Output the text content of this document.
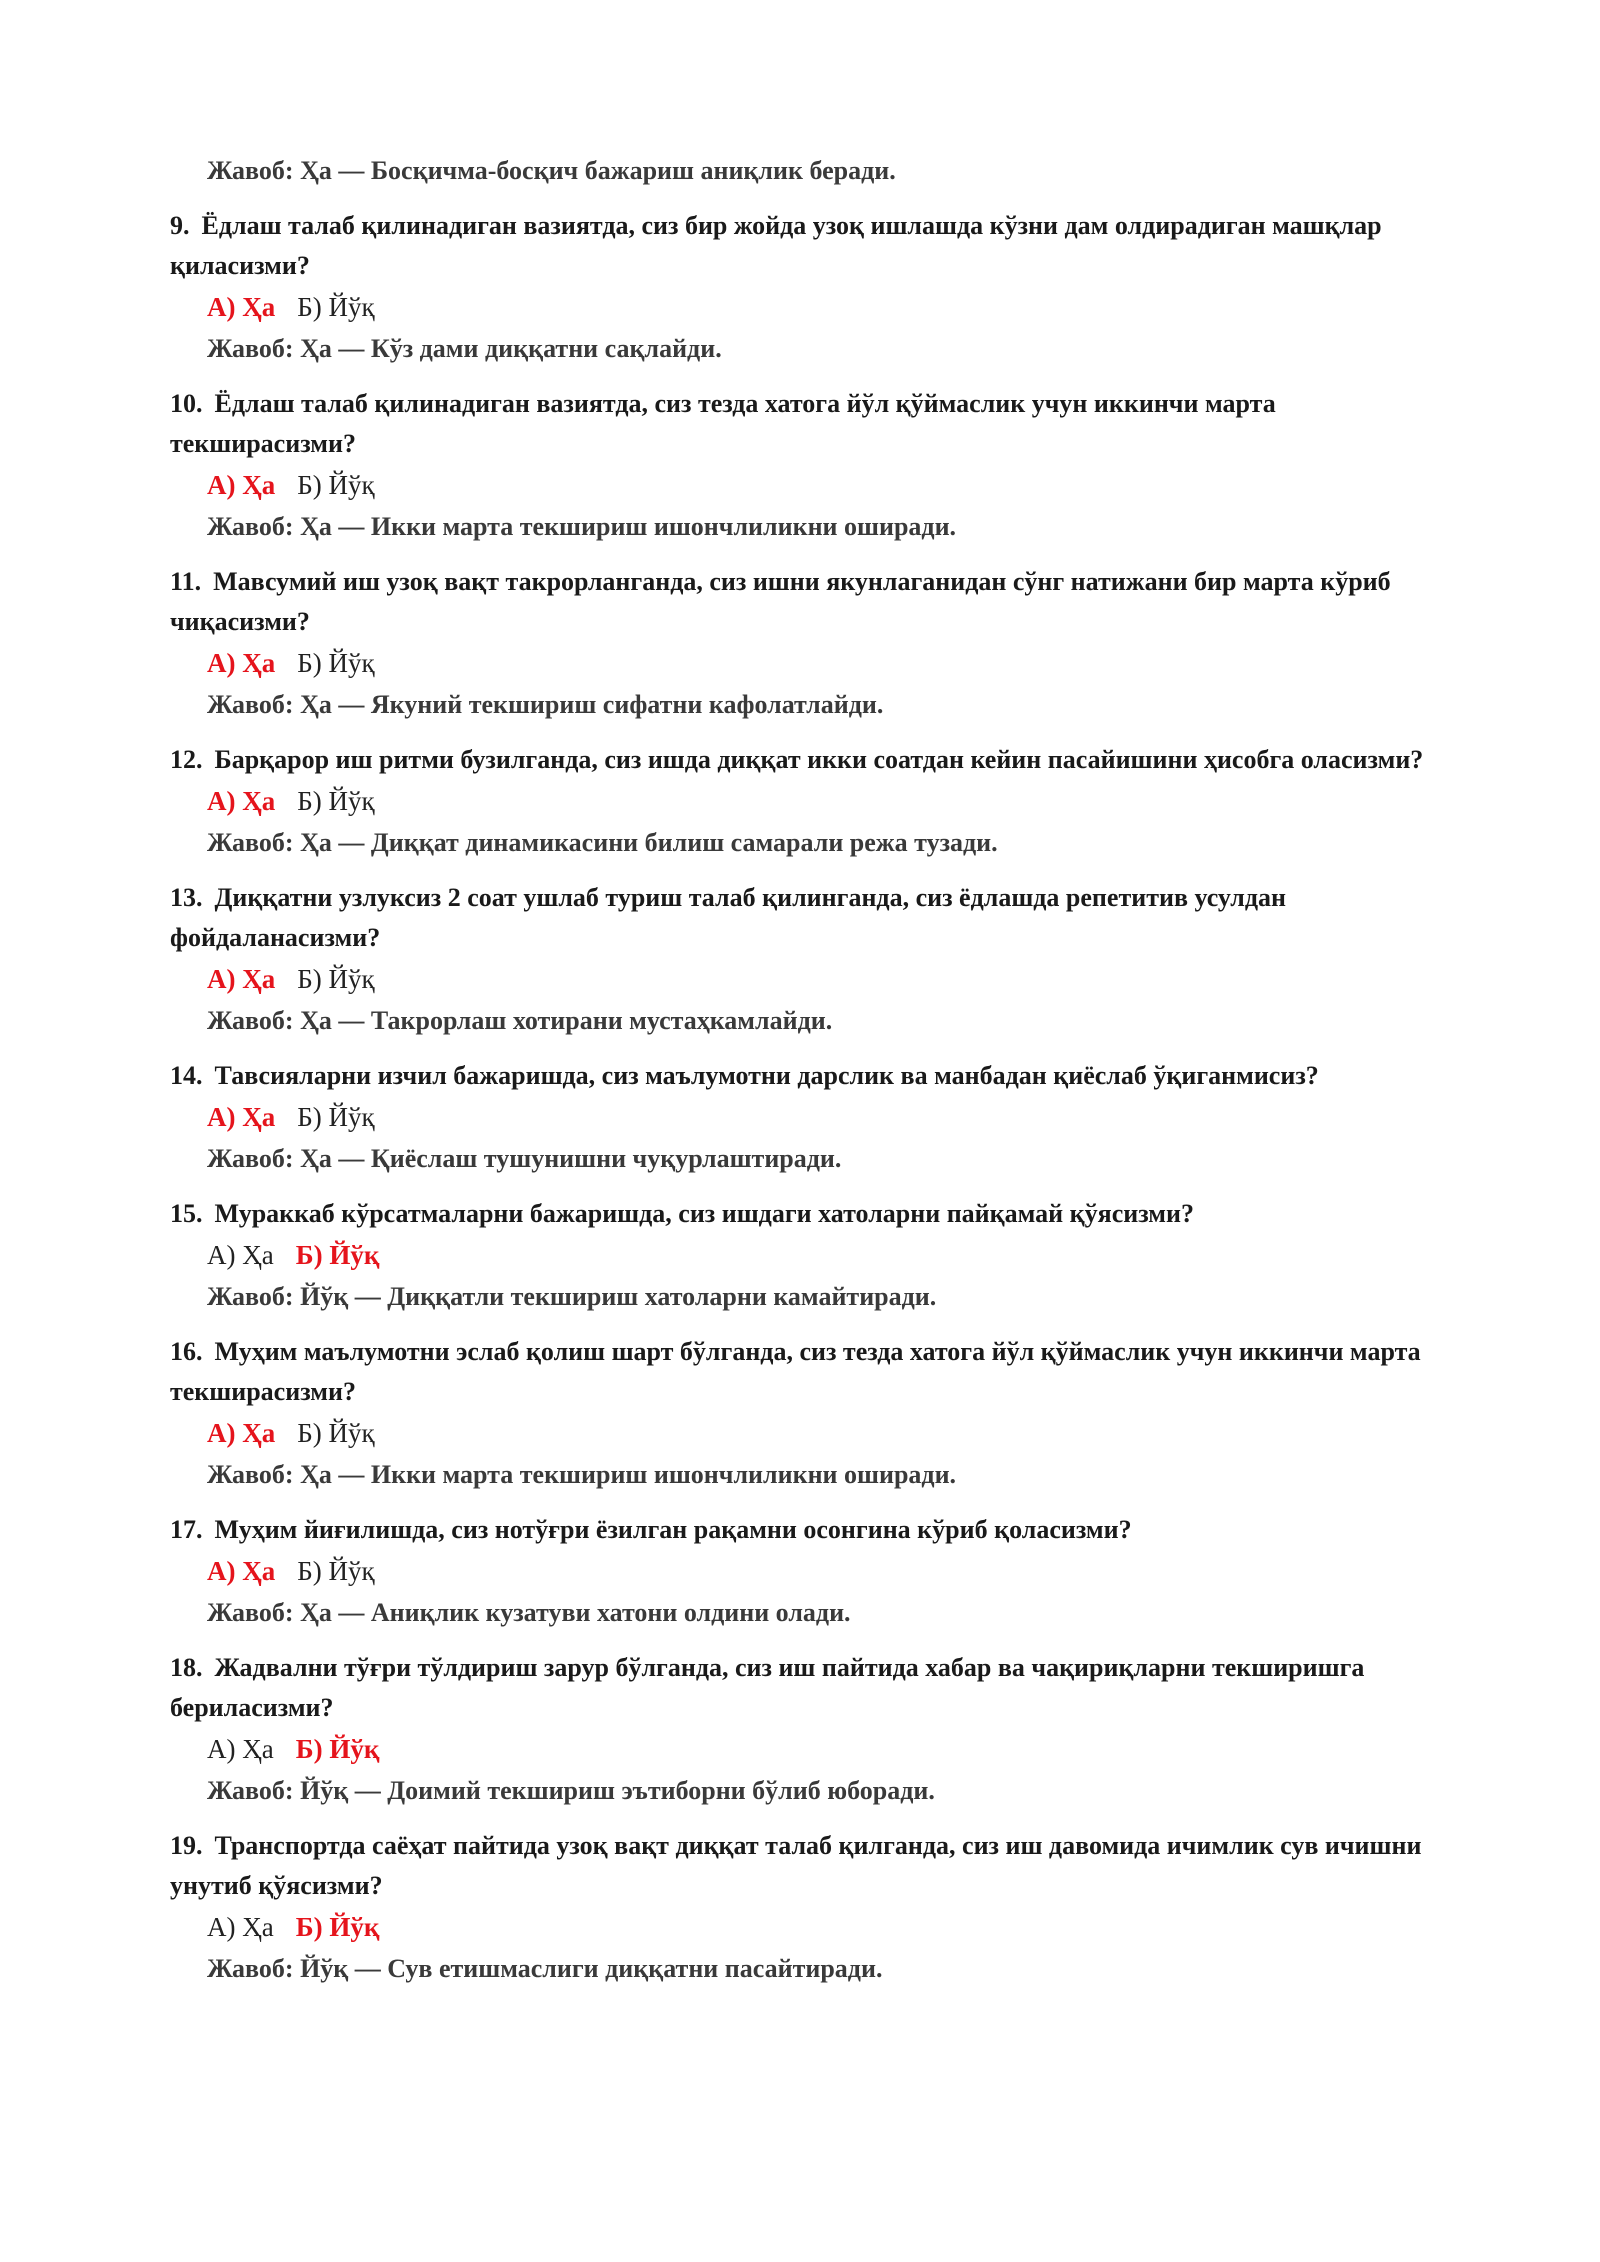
Жавоб: Ҳа — Босқичма-босқич бажариш аниқлик беради.
9. Ёдлаш талаб қилинадиган вазиятда, сиз бир жойда узоқ ишлашда кўзни дам олдирадиган машқлар қиласизми?
А) Ҳа Б) Йўқ
Жавоб: Ҳа — Кўз дами диққатни сақлайди.
10. Ёдлаш талаб қилинадиган вазиятда, сиз тезда хатога йўл қўймаслик учун иккинчи марта текширасизми?
А) Ҳа Б) Йўқ
Жавоб: Ҳа — Икки марта текшириш ишончлиликни оширади.
11. Мавсумий иш узоқ вақт такрорланганда, сиз ишни якунлаганидан сўнг натижани бир марта кўриб чиқасизми?
А) Ҳа Б) Йўқ
Жавоб: Ҳа — Якуний текшириш сифатни кафолатлайди.
12. Барқарор иш ритми бузилганда, сиз ишда диққат икки соатдан кейин пасайишини ҳисобга оласизми?
А) Ҳа Б) Йўқ
Жавоб: Ҳа — Диққат динамикасини билиш самарали режа тузади.
13. Диққатни узлуксиз 2 соат ушлаб туриш талаб қилинганда, сиз ёдлашда репетитив усулдан фойдаланасизми?
А) Ҳа Б) Йўқ
Жавоб: Ҳа — Такрорлаш хотирани мустаҳкамлайди.
14. Тавсияларни изчил бажаришда, сиз маълумотни дарслик ва манбадан қиёслаб ўқиганмисиз?
А) Ҳа Б) Йўқ
Жавоб: Ҳа — Қиёслаш тушунишни чуқурлаштиради.
15. Мураккаб кўрсатмаларни бажаришда, сиз ишдаги хатоларни пайқамай қўясизми?
А) Ҳа Б) Йўқ
Жавоб: Йўқ — Диққатли текшириш хатоларни камайтиради.
16. Муҳим маълумотни эслаб қолиш шарт бўлганда, сиз тезда хатога йўл қўймаслик учун иккинчи марта текширасизми?
А) Ҳа Б) Йўқ
Жавоб: Ҳа — Икки марта текшириш ишончлиликни оширади.
17. Муҳим йиғилишда, сиз нотўғри ёзилган рақамни осонгина кўриб қоласизми?
А) Ҳа Б) Йўқ
Жавоб: Ҳа — Аниқлик кузатуви хатони олдини олади.
18. Жадвални тўғри тўлдириш зарур бўлганда, сиз иш пайтида хабар ва чақириқларни текширишга бериласизми?
А) Ҳа Б) Йўқ
Жавоб: Йўқ — Доимий текшириш эътиборни бўлиб юборади.
19. Транспортда саёҳат пайтида узоқ вақт диққат талаб қилганда, сиз иш давомида ичимлик сув ичишни унутиб қўясизми?
А) Ҳа Б) Йўқ
Жавоб: Йўқ — Сув етишмаслиги диққатни пасайтиради.
